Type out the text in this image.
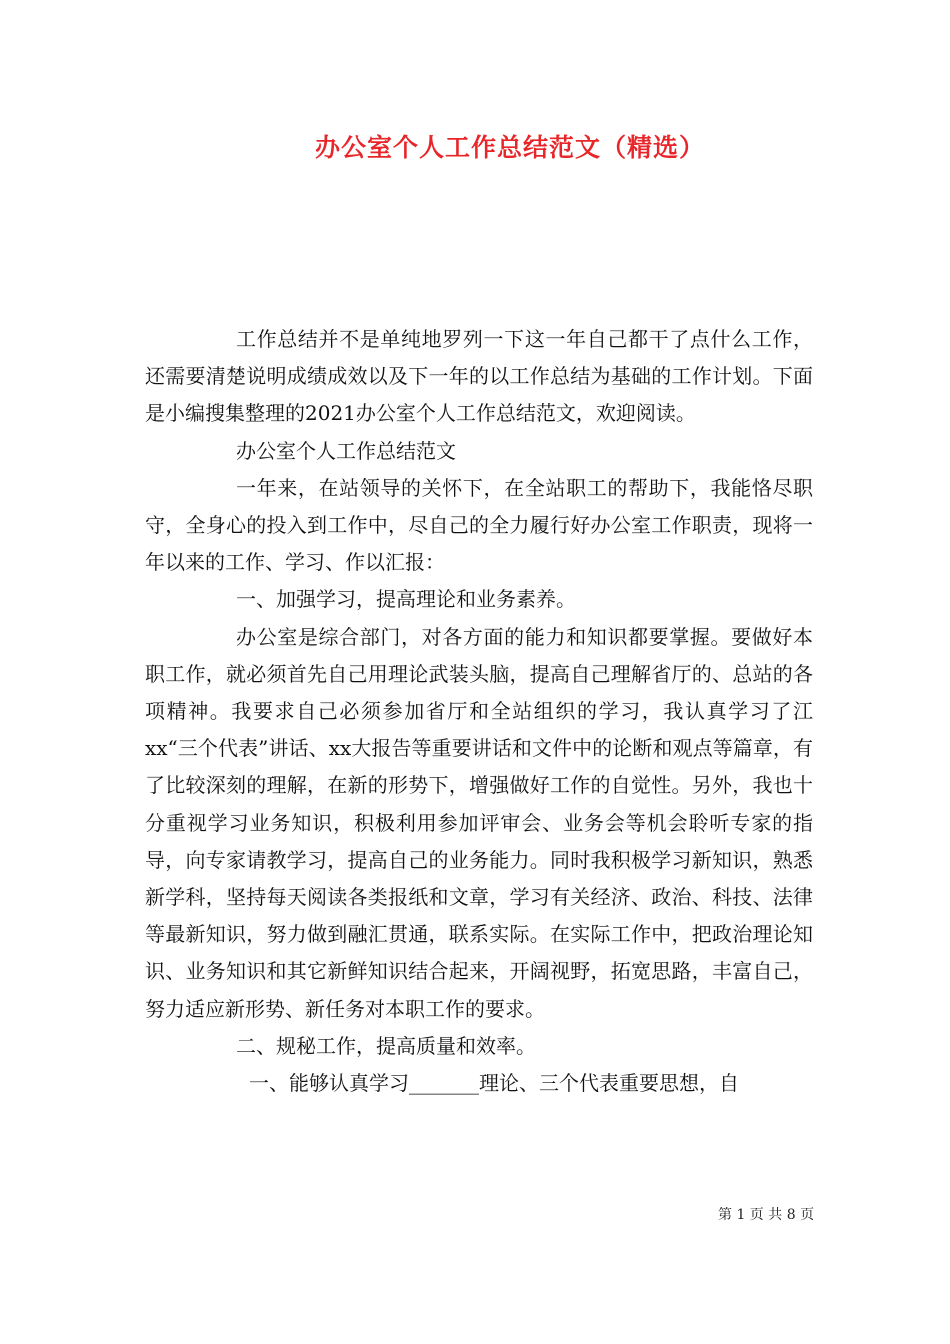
办公室个人工作总结范文（精选）

工作总结并不是单纯地罗列一下这一年自己都干了点什么工作，还需要清楚说明成绩成效以及下一年的以工作总结为基础的工作计划。下面是小编搜集整理的2021办公室个人工作总结范文，欢迎阅读。

办公室个人工作总结范文

一年来，在站领导的关怀下，在全站职工的帮助下，我能恪尽职守，全身心的投入到工作中，尽自己的全力履行好办公室工作职责，现将一年以来的工作、学习、作以汇报：

一、加强学习，提高理论和业务素养。

办公室是综合部门，对各方面的能力和知识都要掌握。要做好本职工作，就必须首先自己用理论武装头脑，提高自己理解省厅的、总站的各项精神。我要求自己必须参加省厅和全站组织的学习，我认真学习了江xx“三个代表”讲话、xx大报告等重要讲话和文件中的论断和观点等篇章，有了比较深刻的理解，在新的形势下，增强做好工作的自觉性。另外，我也十分重视学习业务知识，积极利用参加评审会、业务会等机会聆听专家的指导，向专家请教学习，提高自己的业务能力。同时我积极学习新知识，熟悉新学科，坚持每天阅读各类报纸和文章，学习有关经济、政治、科技、法律等最新知识，努力做到融汇贯通，联系实际。在实际工作中，把政治理论知识、业务知识和其它新鲜知识结合起来，开阔视野，拓宽思路，丰富自己，努力适应新形势、新任务对本职工作的要求。

二、规秘工作，提高质量和效率。

一、能够认真学习_______理论、三个代表重要思想，自

第 1 页 共 8 页
